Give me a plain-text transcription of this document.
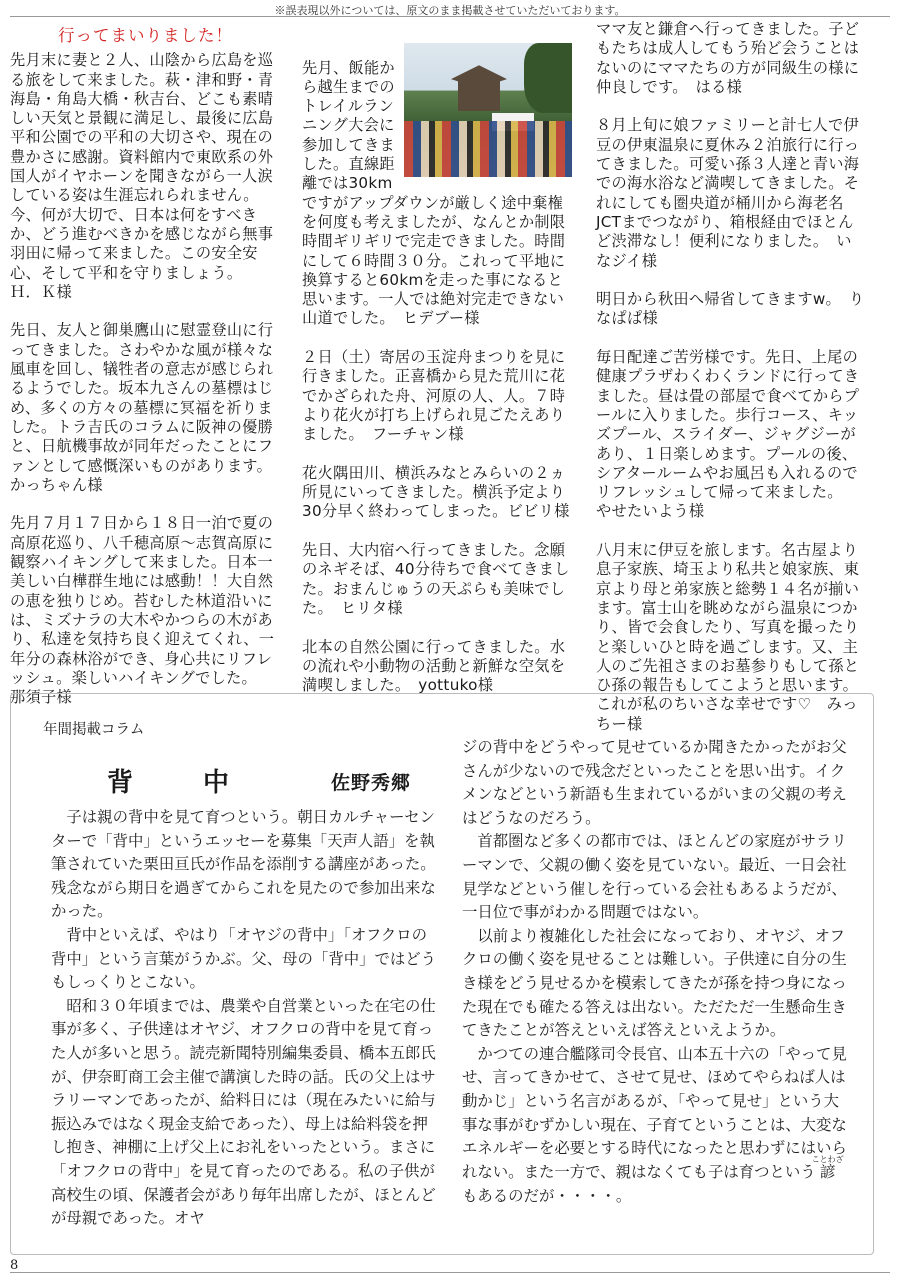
※誤表現以外については、原文のまま掲載させていただいております。
行ってまいりました！

先月末に妻と２人、山陰から広島を巡る旅をして来ました。萩・津和野・青海島・角島大橋・秋吉台、どこも素晴しい天気と景観に満足し、最後に広島平和公園での平和の大切さや、現在の豊かさに感謝。資料館内で東欧系の外国人がイヤホーンを聞きながら一人涙している姿は生涯忘れられません。今、何が大切で、日本は何をすべきか、どう進むべきかを感じながら無事羽田に帰って来ました。この安全安心、そして平和を守りましょう。　Ｈ．Ｋ様

先日、友人と御巣鷹山に慰霊登山に行ってきました。さわやかな風が様々な風車を回し、犠牲者の意志が感じられるようでした。坂本九さんの墓標はじめ、多くの方々の墓標に冥福を祈りました。トラ吉氏のコラムに阪神の優勝と、日航機事故が同年だったことにファンとして感慨深いものがあります。　かっちゃん様

先月７月１７日から１８日一泊で夏の高原花巡り、八千穂高原～志賀高原に観察ハイキングして来ました。日本一美しい白樺群生地には感動！！大自然の恵を独りじめ。苔むした林道沿いには、ミズナラの大木やかつらの木があり、私達を気持ち良く迎えてくれ、一年分の森林浴ができ、身心共にリフレッシュ。楽しいハイキングでした。　那須子様

先月、飯能から越生までのトレイルランニング大会に参加してきました。直線距離では30kmですがアップダウンが厳しく途中棄権を何度も考えましたが、なんとか制限時間ギリギリで完走できました。時間にして６時間３０分。これって平地に換算すると60kmを走った事になると思います。一人では絶対完走できない山道でした。　ヒデブー様

２日（土）寄居の玉淀舟まつりを見に行きました。正喜橋から見た荒川に花でかざられた舟、河原の人、人。７時より花火が打ち上げられ見ごたえありました。　フーチャン様

花火隅田川、横浜みなとみらいの２ヵ所見にいってきました。横浜予定より30分早く終わってしまった。ビビリ様

先日、大内宿へ行ってきました。念願のネギそば、40分待ちで食べてきました。おまんじゅうの天ぷらも美味でした。　ヒリタ様

北本の自然公園に行ってきました。水の流れや小動物の活動と新鮮な空気を満喫しました。　yottuko様

ママ友と鎌倉へ行ってきました。子どもたちは成人してもう殆ど会うことはないのにママたちの方が同級生の様に仲良しです。　はる様

８月上旬に娘ファミリーと計七人で伊豆の伊東温泉に夏休み２泊旅行に行ってきました。可愛い孫３人達と青い海での海水浴など満喫してきました。それにしても圏央道が桶川から海老名JCTまでつながり、箱根経由でほとんど渋滞なし！便利になりました。　いなジイ様

明日から秋田へ帰省してきますw。　りなぱぱ様

毎日配達ご苦労様です。先日、上尾の健康プラザわくわくランドに行ってきました。昼は畳の部屋で食べてからプールに入りました。歩行コース、キッズプール、スライダー、ジャグジーがあり、１日楽しめます。プールの後、シアタールームやお風呂も入れるのでリフレッシュして帰って来ました。　やせたいよう様

八月末に伊豆を旅します。名古屋より息子家族、埼玉より私共と娘家族、東京より母と弟家族と総勢１４名が揃います。富士山を眺めながら温泉につかり、皆で会食したり、写真を撮ったりと楽しいひと時を過ごします。又、主人のご先祖さまのお墓参りもして孫とひ孫の報告もしてこようと思います。これが私のちいさな幸せです♡　みっちー様

年間掲載コラム
背　中	佐野秀郷

子は親の背中を見て育つという。朝日カルチャーセンターで「背中」というエッセーを募集「天声人語」を執筆されていた栗田亘氏が作品を添削する講座があった。残念ながら期日を過ぎてからこれを見たので参加出来なかった。

背中といえば、やはり「オヤジの背中」「オフクロの背中」という言葉がうかぶ。父、母の「背中」ではどうもしっくりとこない。

昭和３０年頃までは、農業や自営業といった在宅の仕事が多く、子供達はオヤジ、オフクロの背中を見て育った人が多いと思う。読売新聞特別編集委員、橋本五郎氏が、伊奈町商工会主催で講演した時の話。氏の父上はサラリーマンであったが、給料日には（現在みたいに給与振込みではなく現金支給であった）、母上は給料袋を押し抱き、神棚に上げ父上にお礼をいったという。まさに「オフクロの背中」を見て育ったのである。私の子供が高校生の頃、保護者会があり毎年出席したが、ほとんどが母親であった。オヤ

ジの背中をどうやって見せているか聞きたかったがお父さんが少ないので残念だといったことを思い出す。イクメンなどという新語も生まれているがいまの父親の考えはどうなのだろう。

首都圏など多くの都市では、ほとんどの家庭がサラリーマンで、父親の働く姿を見ていない。最近、一日会社見学などという催しを行っている会社もあるようだが、一日位で事がわかる問題ではない。

以前より複雑化した社会になっており、オヤジ、オフクロの働く姿を見せることは難しい。子供達に自分の生き様をどう見せるかを模索してきたが孫を持つ身になった現在でも確たる答えは出ない。ただただ一生懸命生きてきたことが答えといえば答えといえようか。

かつての連合艦隊司令長官、山本五十六の「やって見せ、言ってきかせて、させて見せ、ほめてやらねば人は動かじ」という名言があるが、「やって見せ」という大事な事がむずかしい現在、子育てということは、大変なエネルギーを必要とする時代になったと思わずにはいられない。また一方で、親はなくても子は育つという諺ことわざもあるのだが・・・・。

8
